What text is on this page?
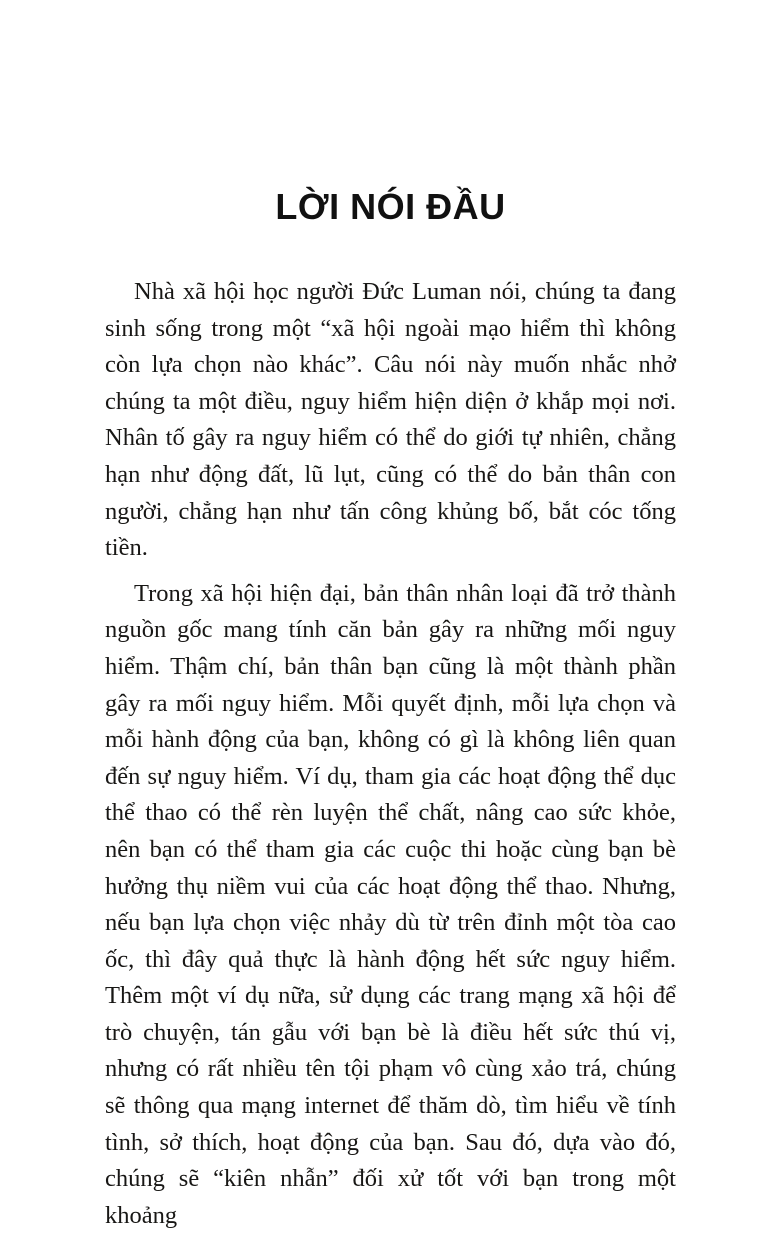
LỜI NÓI ĐẦU

Nhà xã hội học người Đức Luman nói, chúng ta đang sinh sống trong một “xã hội ngoài mạo hiểm thì không còn lựa chọn nào khác”. Câu nói này muốn nhắc nhở chúng ta một điều, nguy hiểm hiện diện ở khắp mọi nơi. Nhân tố gây ra nguy hiểm có thể do giới tự nhiên, chẳng hạn như động đất, lũ lụt, cũng có thể do bản thân con người, chẳng hạn như tấn công khủng bố, bắt cóc tống tiền.

Trong xã hội hiện đại, bản thân nhân loại đã trở thành nguồn gốc mang tính căn bản gây ra những mối nguy hiểm. Thậm chí, bản thân bạn cũng là một thành phần gây ra mối nguy hiểm. Mỗi quyết định, mỗi lựa chọn và mỗi hành động của bạn, không có gì là không liên quan đến sự nguy hiểm. Ví dụ, tham gia các hoạt động thể dục thể thao có thể rèn luyện thể chất, nâng cao sức khỏe, nên bạn có thể tham gia các cuộc thi hoặc cùng bạn bè hưởng thụ niềm vui của các hoạt động thể thao. Nhưng, nếu bạn lựa chọn việc nhảy dù từ trên đỉnh một tòa cao ốc, thì đây quả thực là hành động hết sức nguy hiểm. Thêm một ví dụ nữa, sử dụng các trang mạng xã hội để trò chuyện, tán gẫu với bạn bè là điều hết sức thú vị, nhưng có rất nhiều tên tội phạm vô cùng xảo trá, chúng sẽ thông qua mạng internet để thăm dò, tìm hiểu về tính tình, sở thích, hoạt động của bạn. Sau đó, dựa vào đó, chúng sẽ “kiên nhẫn” đối xử tốt với bạn trong một khoảng
